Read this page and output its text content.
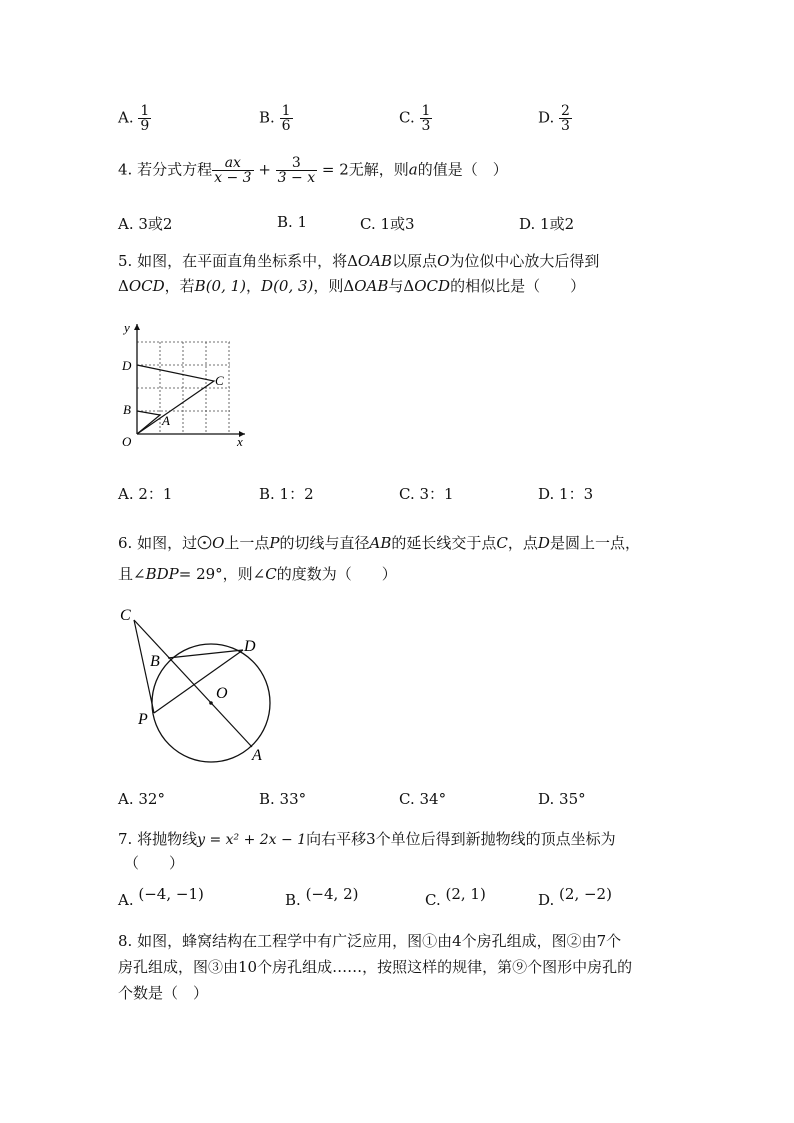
A. $\frac{1}{9}$	B. $\frac{1}{6}$	C. $\frac{1}{3}$	D. $\frac{2}{3}$
4. 若分式方程 $\frac{ax}{x - 3} + \frac{3}{3 - x} = 2$无解，则a的值是（　）
A. 3或2	B. 1	C. 1或3	D. 1或2
5. 如图，在平面直角坐标系中，将ΔOAB以原点O为位似中心放大后得到
ΔOCD，若B(0, 1)，D(0, 3)，则ΔOAB与ΔOCD的相似比是（　　）
y
x
O
D
B
C
A
A. 2：1	B. 1：2	C. 3：1	D. 1：3
6. 如图，过 O上一点P的切线与直径AB的延长线交于点C，点D是圆上一点，
且∠BDP= 29°，则∠C的度数为（　　）
C
B
D
O
P
A
A. 32°	B. 33°	C. 34°	D. 35°
7. 将抛物线y = x² + 2x − 1向右平移3个单位后得到新抛物线的顶点坐标为
（　　）
A. (−4, −1)	B. (−4, 2)	C. (2, 1)	D. (2, −2)
8. 如图，蜂窝结构在工程学中有广泛应用，图①由4个房孔组成，图②由7个
房孔组成，图③由10个房孔组成……，按照这样的规律，第⑨个图形中房孔的
个数是（　）
